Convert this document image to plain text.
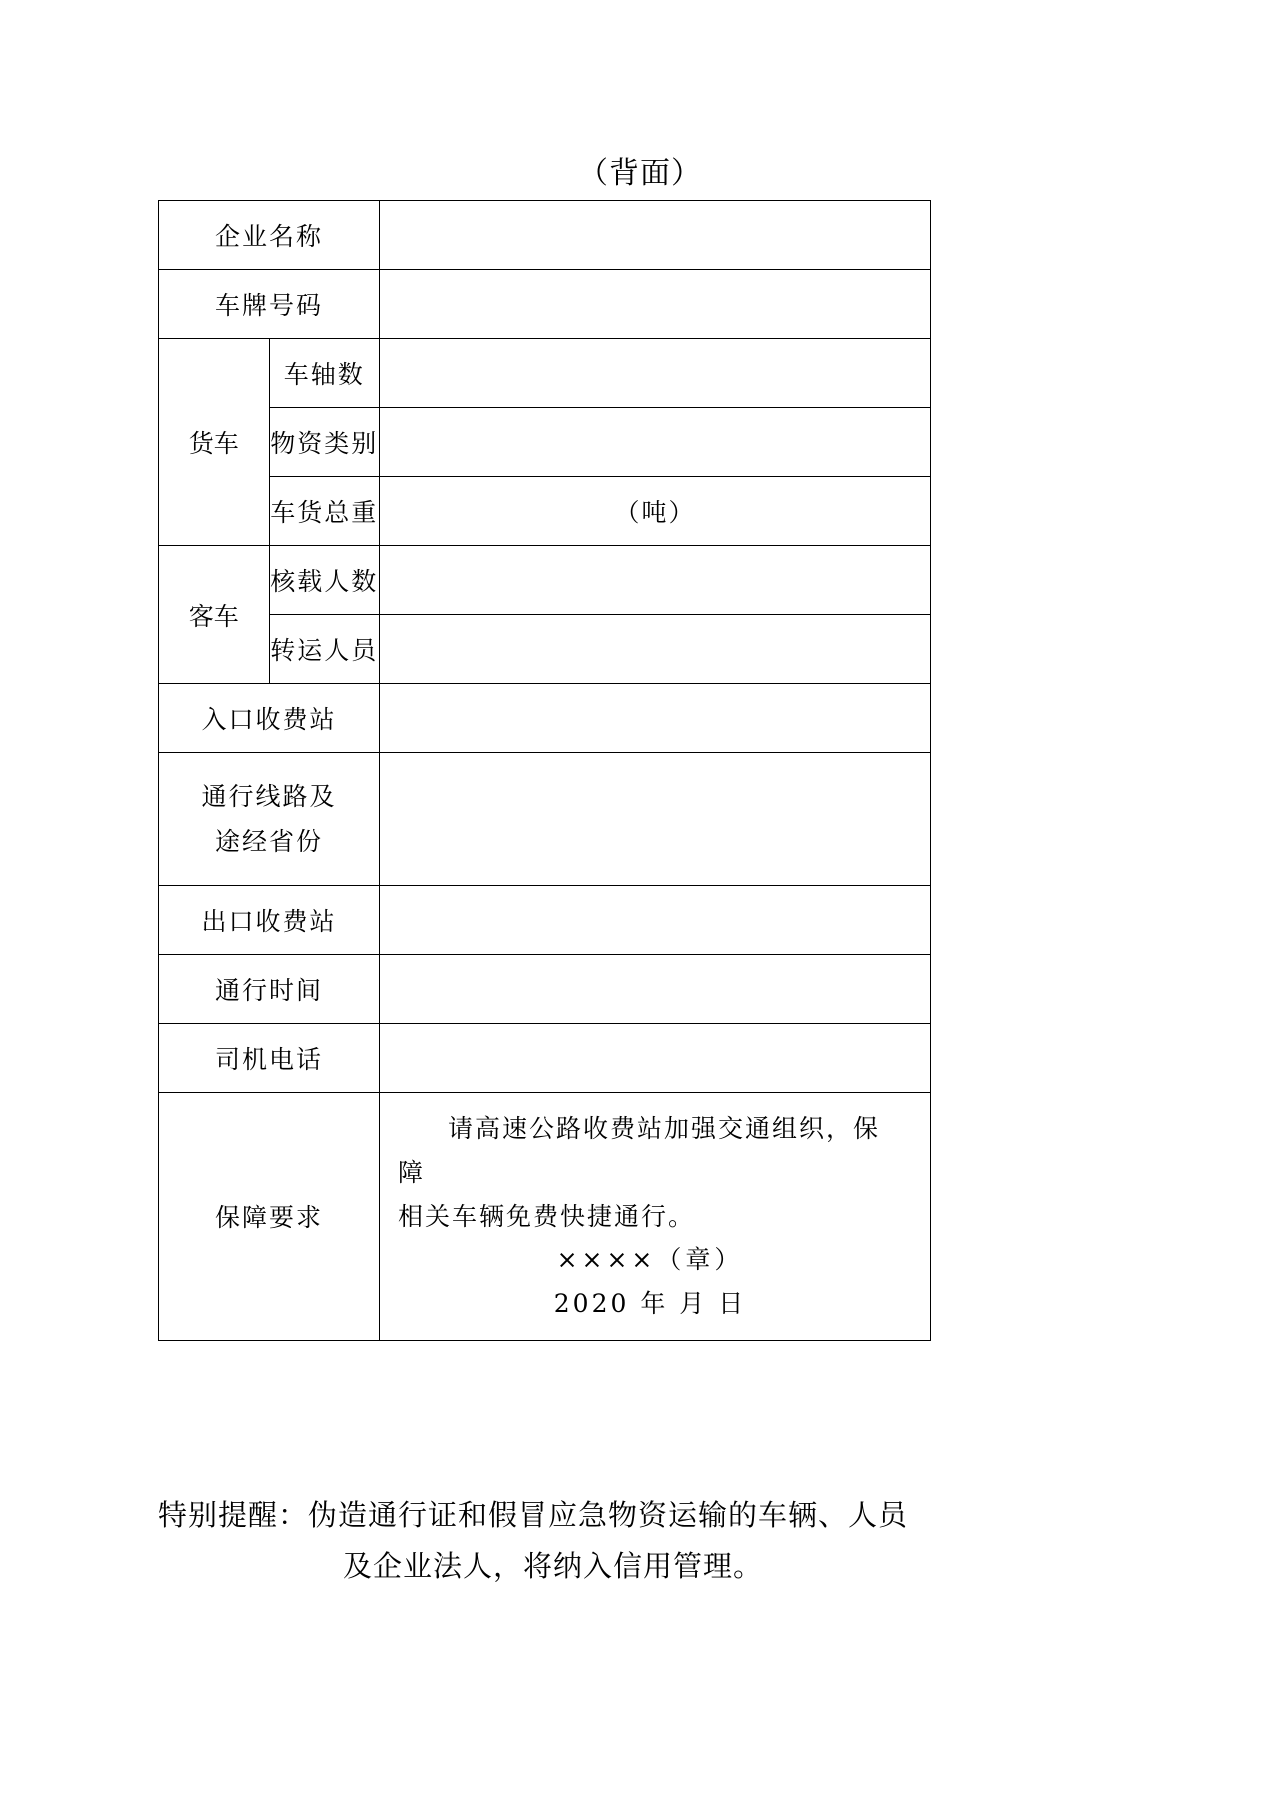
（背面）
企业名称		
车牌号码		
货车	车轴数	
	物资类别	
	车货总重	（吨）
客车	核载人数	
	转运人员	
入口收费站		

通行线路及
途经省份		

出口收费站		
通行时间		
司机电话		
保障要求		请高速公路收费站加强交通组织，保障
相关车辆免费快捷通行。
××××（章）
2020 年 月 日
特别提醒：伪造通行证和假冒应急物资运输的车辆、人员
及企业法人，将纳入信用管理。
